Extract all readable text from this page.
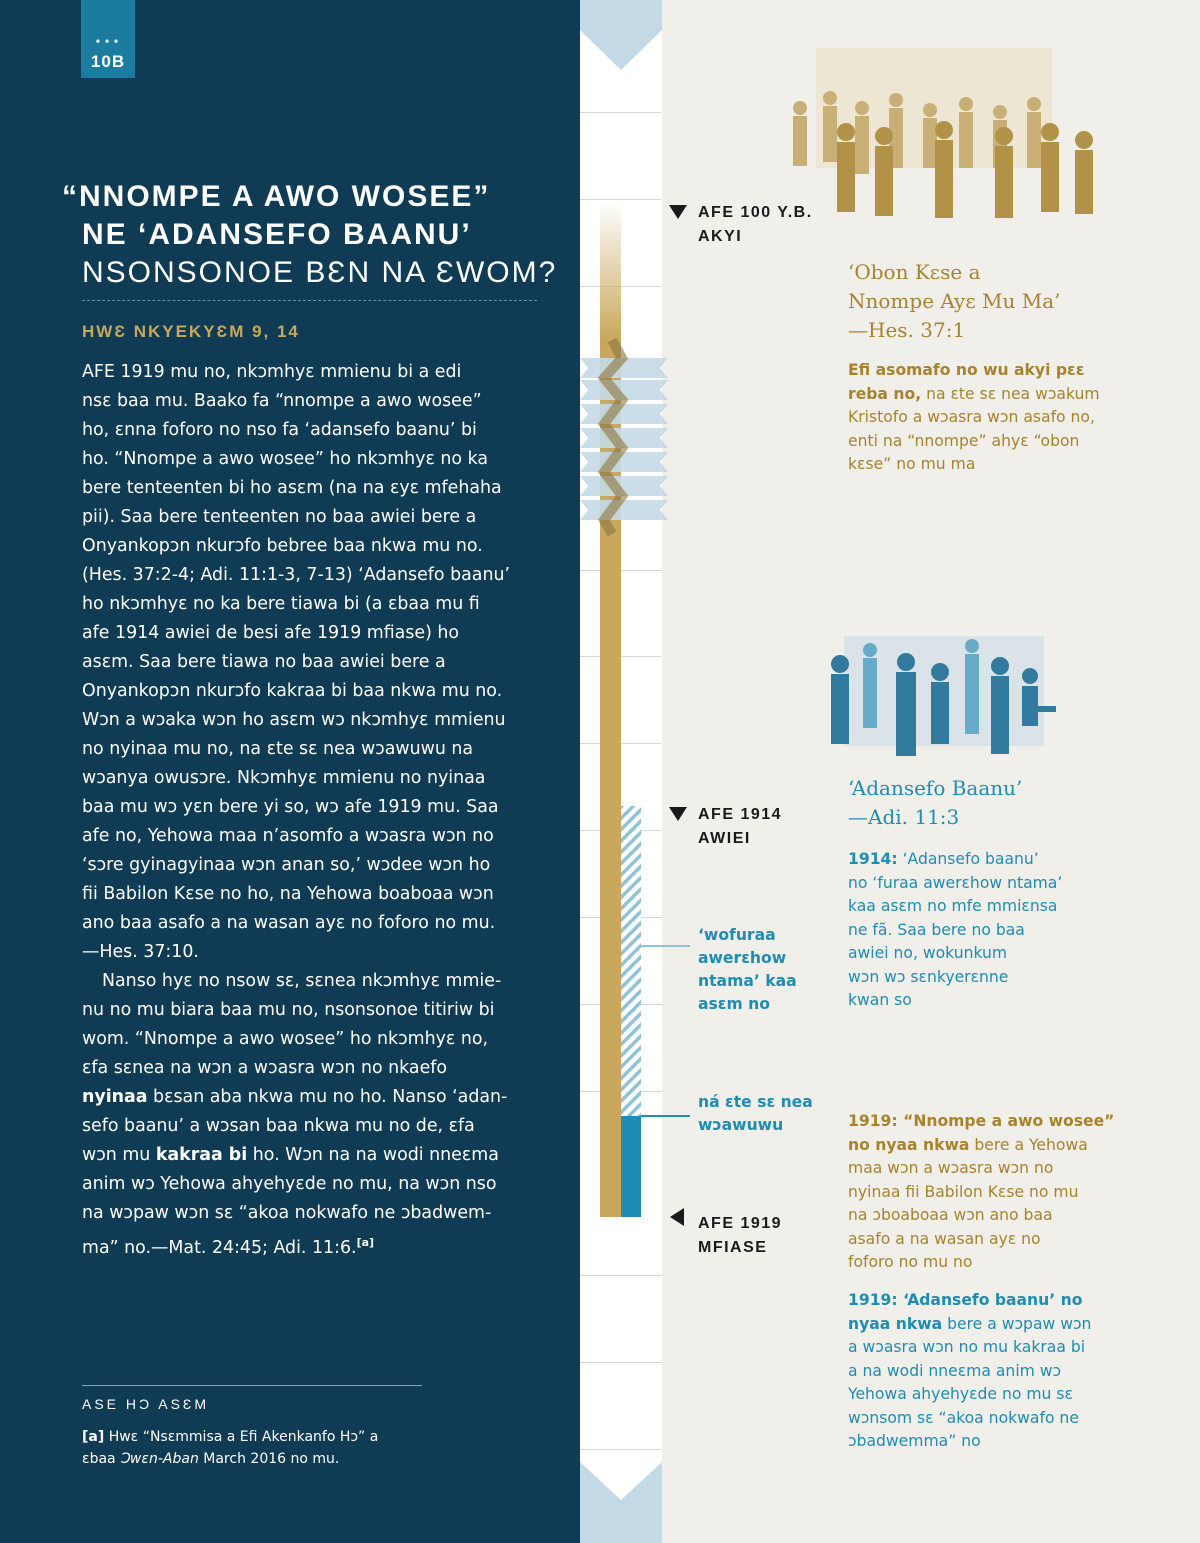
•••
10B
“NNOMPE A AWO WOSEE”
NE ‘ADANSEFO BAANU’
NSONSONOE BƐN NA ƐWOM?
HWƐ NKYEKYƐM 9, 14
AFE 1919 mu no, nkɔmhyɛ mmienu bi a edi
nsɛ baa mu. Baako fa “nnompe a awo wosee”
ho, ɛnna foforo no nso fa ‘adansefo baanu’ bi
ho. “Nnompe a awo wosee” ho nkɔmhyɛ no ka
bere tenteenten bi ho asɛm (na na ɛyɛ mfehaha
pii). Saa bere tenteenten no baa awiei bere a
Onyankopɔn nkurɔfo bebree baa nkwa mu no.
(Hes. 37:2-4; Adi. 11:1-3, 7-13) ‘Adansefo baanu’
ho nkɔmhyɛ no ka bere tiawa bi (a ɛbaa mu fi
afe 1914 awiei de besi afe 1919 mfiase) ho
asɛm. Saa bere tiawa no baa awiei bere a
Onyankopɔn nkurɔfo kakraa bi baa nkwa mu no.
Wɔn a wɔaka wɔn ho asɛm wɔ nkɔmhyɛ mmienu
no nyinaa mu no, na ɛte sɛ nea wɔawuwu na
wɔanya owusɔre. Nkɔmhyɛ mmienu no nyinaa
baa mu wɔ yɛn bere yi so, wɔ afe 1919 mu. Saa
afe no, Yehowa maa n’asomfo a wɔasra wɔn no
‘sɔre gyinagyinaa wɔn anan so,’ wɔdee wɔn ho
fii Babilon Kɛse no ho, na Yehowa boaboaa wɔn
ano baa asafo a na wasan ayɛ no foforo no mu.
—Hes. 37:10.
Nanso hyɛ no nsow sɛ, sɛnea nkɔmhyɛ mmie-
nu no mu biara baa mu no, nsonsonoe titiriw bi
wom. “Nnompe a awo wosee” ho nkɔmhyɛ no,
ɛfa sɛnea na wɔn a wɔasra wɔn no nkaefo
nyinaa bɛsan aba nkwa mu no ho. Nanso ‘adan-
sefo baanu’ a wɔsan baa nkwa mu no de, ɛfa
wɔn mu kakraa bi ho. Wɔn na na wodi nneɛma
anim wɔ Yehowa ahyehyɛde no mu, na wɔn nso
na wɔpaw wɔn sɛ “akoa nokwafo ne ɔbadwem-
ma” no.—Mat. 24:45; Adi. 11:6.[a]
ASE HƆ ASƐM
[a] Hwɛ “Nsɛmmisa a Efi Akenkanfo Hɔ” a
ɛbaa Ɔwɛn-Aban March 2016 no mu.
AFE 100 Y.B.
AKYI
AFE 1914
AWIEI
AFE 1919
MFIASE
‘wofuraa
awerɛhow
ntama’ kaa
asɛm no
ná ɛte sɛ nea
wɔawuwu
‘Obon Kɛse a
Nnompe Ayɛ Mu Ma’
—Hes. 37:1
Efi asomafo no wu akyi pɛɛ
reba no, na ɛte sɛ nea wɔakum
Kristofo a wɔasra wɔn asafo no,
enti na “nnompe” ahyɛ “obon
kɛse” no mu ma
‘Adansefo Baanu’
—Adi. 11:3
1914: ‘Adansefo baanu’
no ‘furaa awerɛhow ntama’
kaa asɛm no mfe mmiɛnsa
ne fã. Saa bere no baa
awiei no, wokunkum
wɔn wɔ sɛnkyerɛnne
kwan so
1919: “Nnompe a awo wosee”
no nyaa nkwa bere a Yehowa
maa wɔn a wɔasra wɔn no
nyinaa fii Babilon Kɛse no mu
na ɔboaboaa wɔn ano baa
asafo a na wasan ayɛ no
foforo no mu no
1919: ‘Adansefo baanu’ no
nyaa nkwa bere a wɔpaw wɔn
a wɔasra wɔn no mu kakraa bi
a na wodi nneɛma anim wɔ
Yehowa ahyehyɛde no mu sɛ
wɔnsom sɛ “akoa nokwafo ne
ɔbadwemma” no
